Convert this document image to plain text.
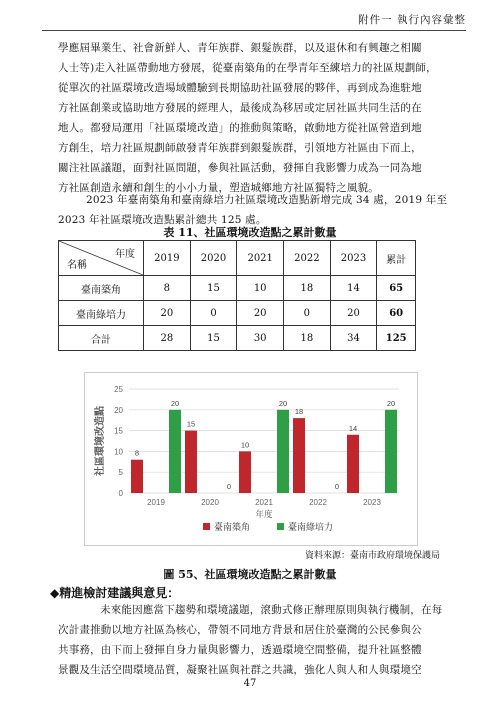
附件一 執行內容彙整

學應屆畢業生、社會新鮮人、青年族群、銀髮族群，以及退休和有興趣之相關

人士等)走入社區帶動地方發展，從臺南築角的在學青年至練培力的社區規劃師，

從單次的社區環境改造場域體驗到長期協助社區發展的夥伴，再到成為進駐地

方社區創業或協助地方發展的經理人，最後成為移居或定居社區共同生活的在

地人。都發局運用「社區環境改造」的推動與策略，啟動地方從社區營造到地

方創生，培力社區規劃師啟發青年族群到銀髮族群，引領地方社區由下而上，

關注社區議題，面對社區問題，參與社區活動，發揮自我影響力成為一同為地

方社區創造永續和創生的小小力量，塑造城鄉地方社區獨特之風貌。

2023 年臺南築角和臺南綠培力社區環境改造點新增完成 34 處，2019 年至

2023 年社區環境改造點累計總共 125 處。

表 11、社區環境改造點之累計數量
年度
名稱	2019	2020	2021	2022	2023	累計
臺南築角	8	15	10	18	14	65
臺南綠培力	20	0	20	0	20	60
合計	28	15	30	18	34	125
0
5
10
15
20
25
2019
8
20
2020
15
0
2021
10
20
2022
18
0
2023
14
20
年度
社區環境改造點
臺南築角	臺南綠培力
資料來源：臺南市政府環境保護局
圖 55、社區環境改造點之累計數量
◆精進檢討建議與意見：

未來能因應當下趨勢和環境議題，滾動式修正辦理原則與執行機制，在每

次計畫推動以地方社區為核心，帶領不同地方背景和居住於臺灣的公民參與公

共事務，由下而上發揮自身力量與影響力，透過環境空間整備，提升社區整體

景觀及生活空間環境品質，凝聚社區與社群之共識，強化人與人和人與環境空

47
